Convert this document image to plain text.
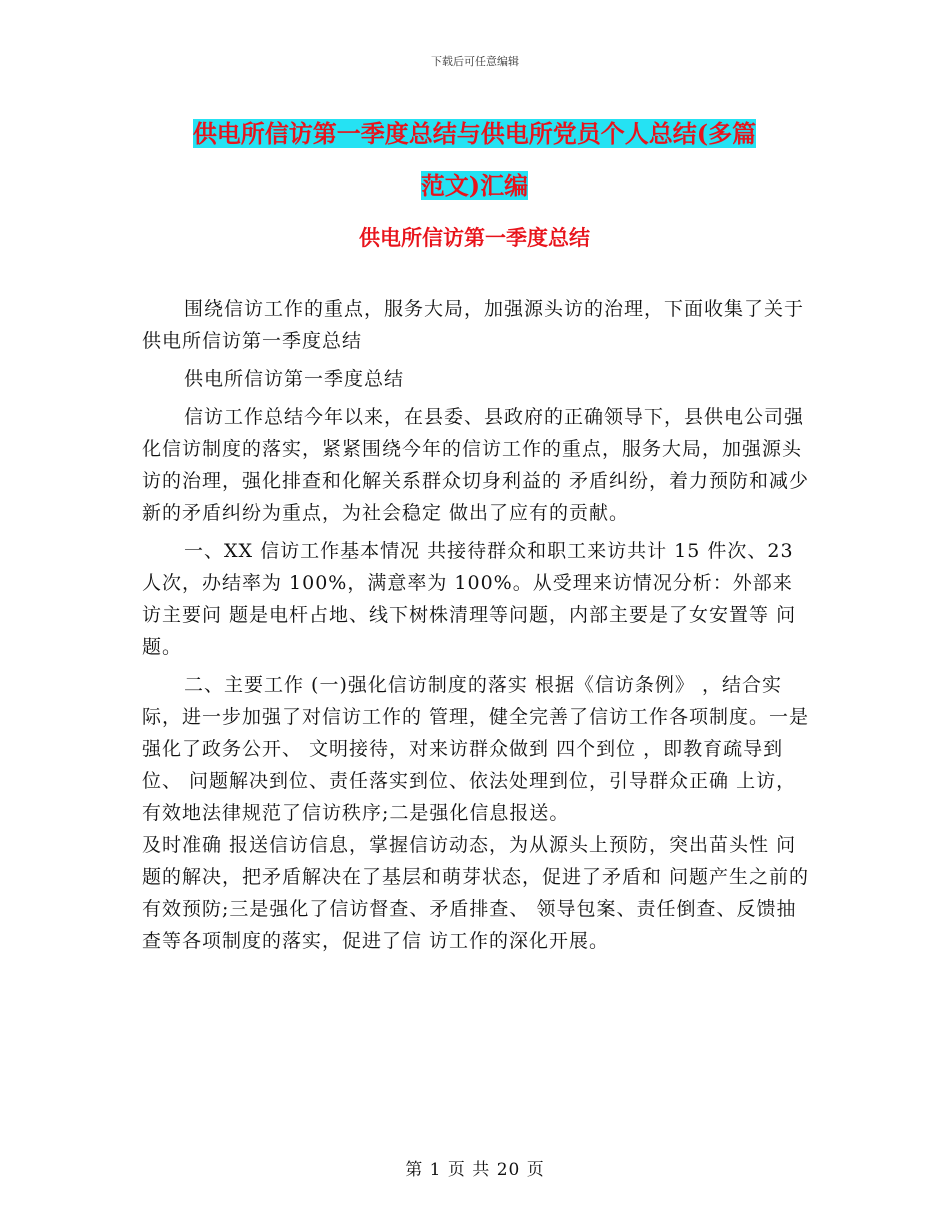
下载后可任意编辑
供电所信访第一季度总结与供电所党员个人总结(多篇
范文)汇编
供电所信访第一季度总结

围绕信访工作的重点，服务大局，加强源头访的治理，下面收集了关于供电所信访第一季度总结

供电所信访第一季度总结

信访工作总结今年以来，在县委、县政府的正确领导下，县供电公司强 化信访制度的落实，紧紧围绕今年的信访工作的重点，服务大局，加强源头访的治理，强化排查和化解关系群众切身利益的 矛盾纠纷，着力预防和减少新的矛盾纠纷为重点，为社会稳定 做出了应有的贡献。

一、XX 信访工作基本情况 共接待群众和职工来访共计 15 件次、23 人次，办结率为 100%，满意率为 100%。从受理来访情况分析：外部来访主要问 题是电杆占地、线下树株清理等问题，内部主要是了女安置等 问题。

二、主要工作 (一)强化信访制度的落实 根据《信访条例》 ，结合实际，进一步加强了对信访工作的 管理，健全完善了信访工作各项制度。一是强化了政务公开、 文明接待，对来访群众做到 四个到位 ，即教育疏导到位、 问题解决到位、责任落实到位、依法处理到位，引导群众正确 上访，有效地法律规范了信访秩序;二是强化信息报送。

及时准确 报送信访信息，掌握信访动态，为从源头上预防，突出苗头性 问题的解决，把矛盾解决在了基层和萌芽状态，促进了矛盾和 问题产生之前的有效预防;三是强化了信访督查、矛盾排查、 领导包案、责任倒查、反馈抽查等各项制度的落实，促进了信 访工作的深化开展。

第 1 页 共 20 页
